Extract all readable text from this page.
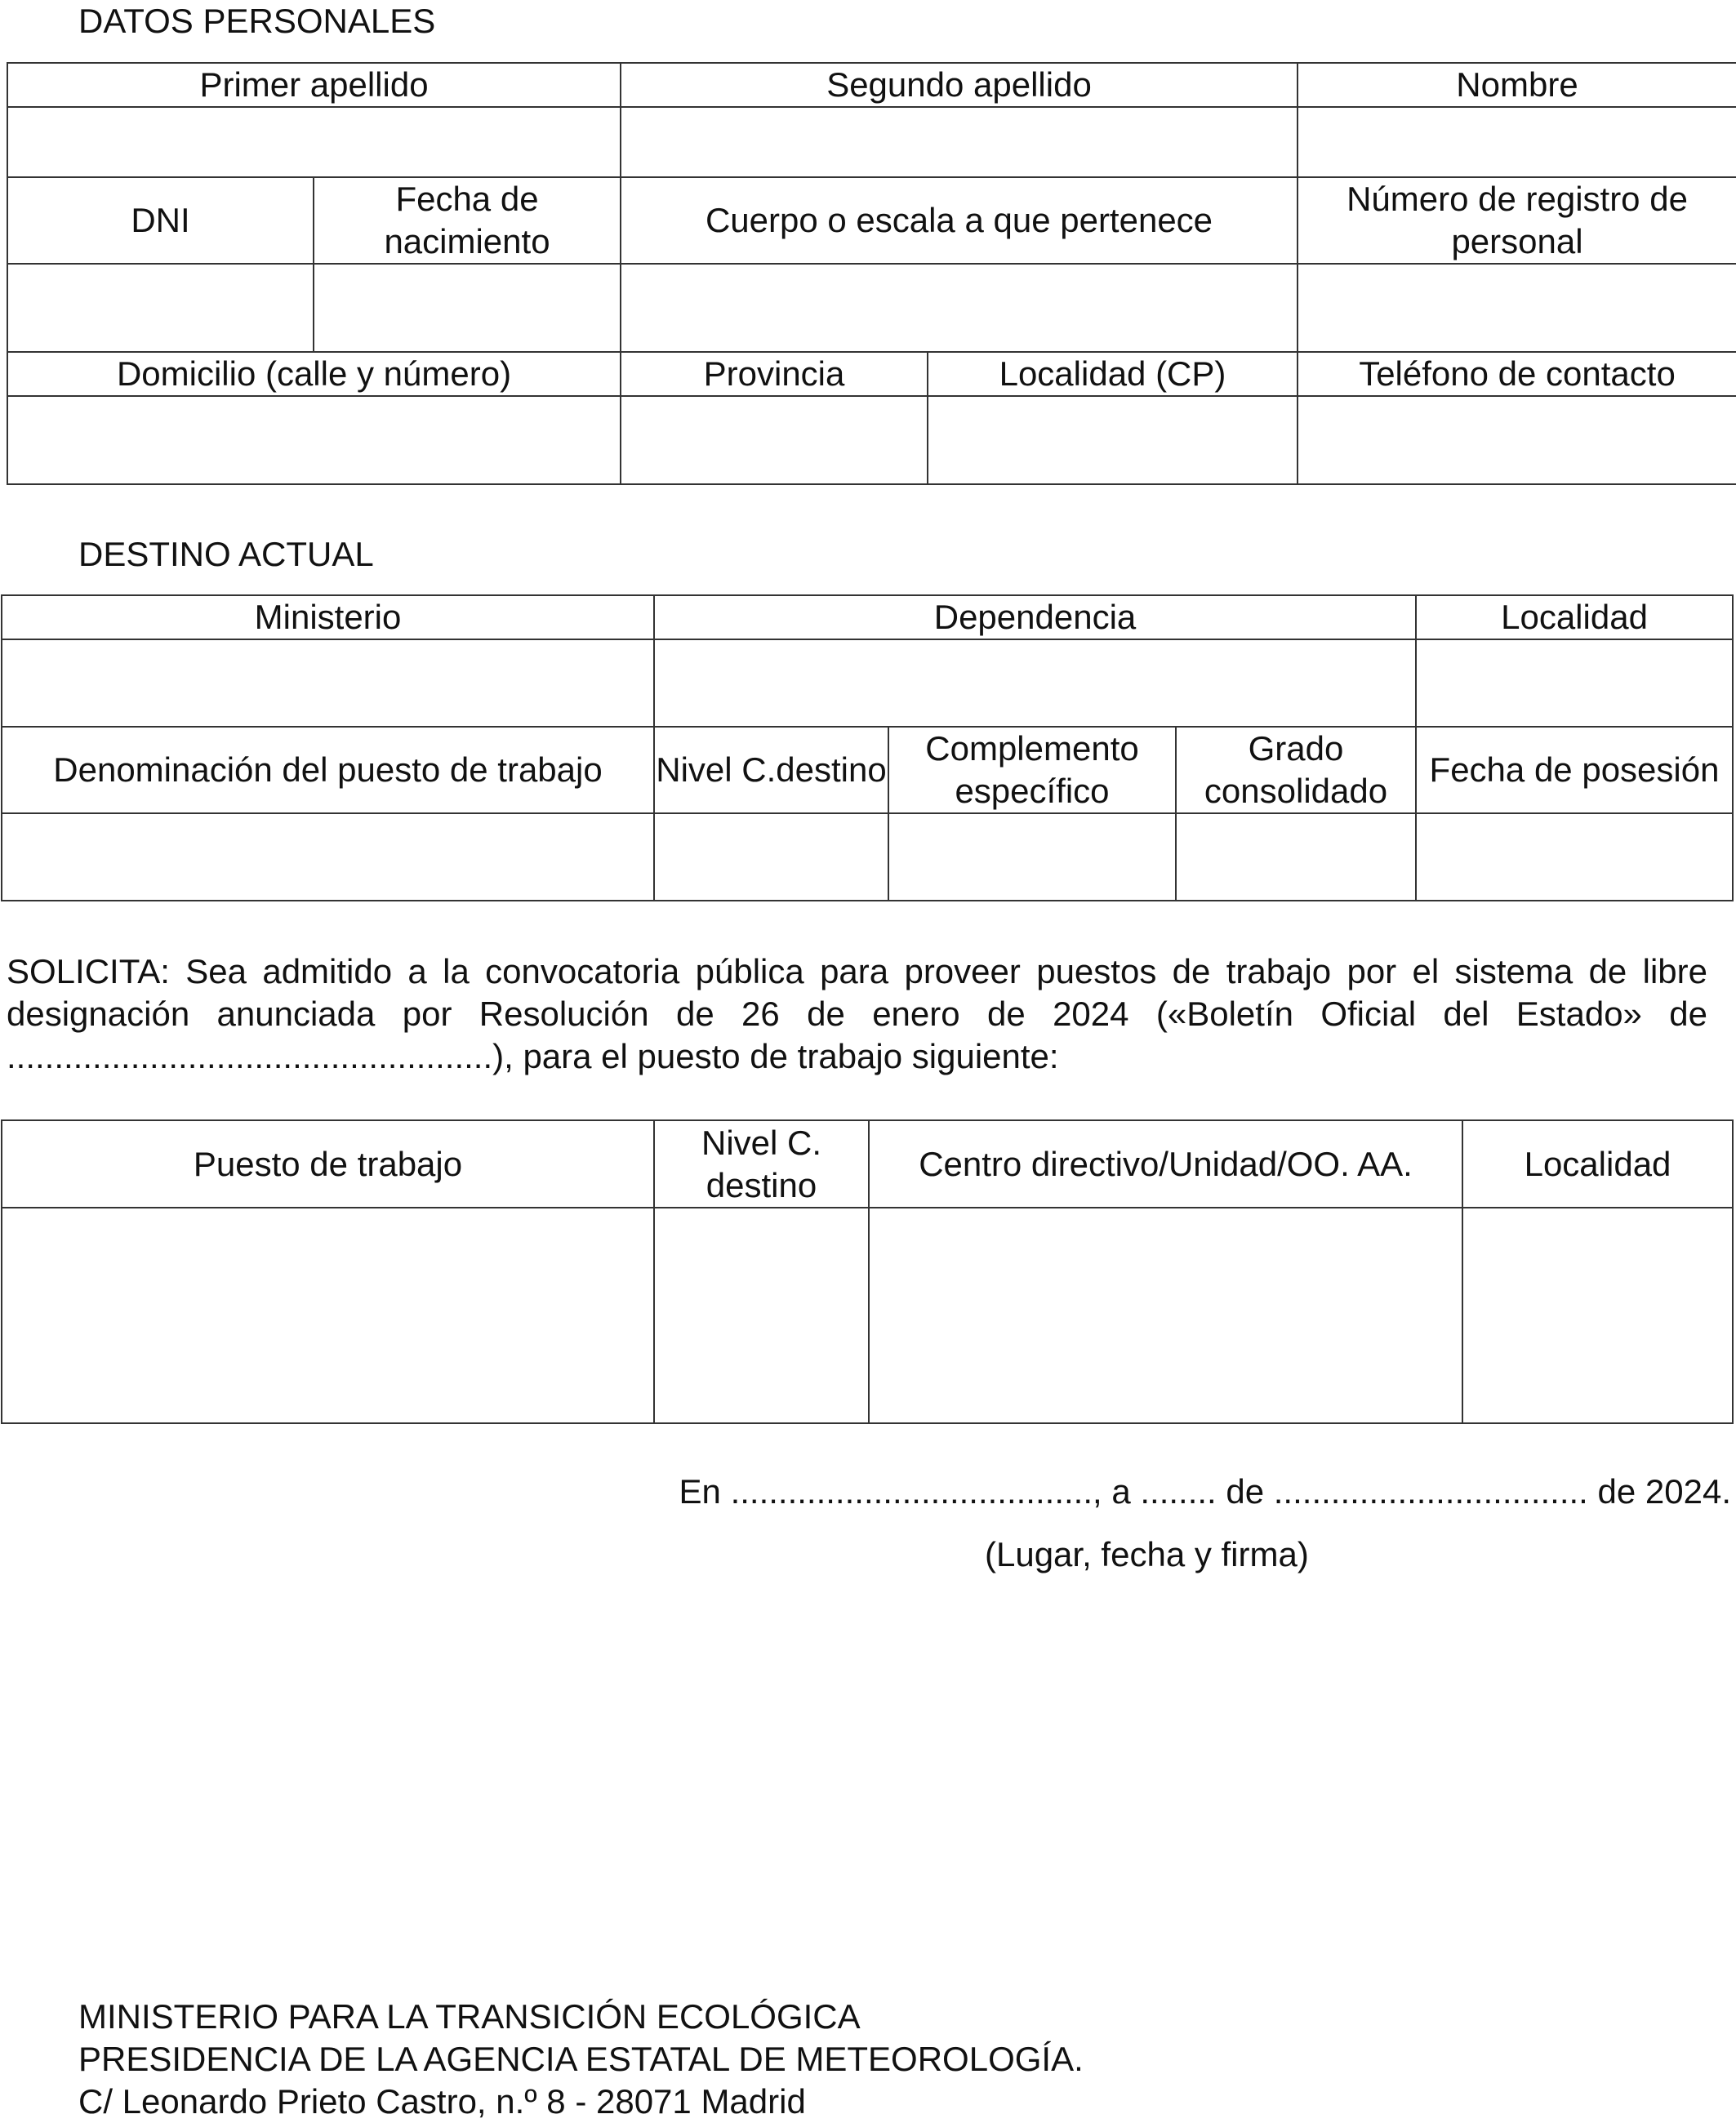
DATOS PERSONALES
Primer apellido		Segundo apellido		Nombre

DNI	Fecha de nacimiento	Cuerpo o escala a que pertenece		Número de registro de personal

Domicilio (calle y número)		Provincia	Localidad (CP)	Teléfono de contacto

DESTINO ACTUAL
Ministerio	Dependencia			Localidad

Denominación del puesto de trabajo	Nivel C.destino	Complemento específico	Grado consolidado	Fecha de posesión

SOLICITA: Sea admitido a la convocatoria pública para proveer puestos de trabajo por el sistema de libre designación anunciada por Resolución de 26 de enero de 2024 («Boletín Oficial del Estado» de ...................................................), para el puesto de trabajo siguiente:
Puesto de trabajo	Nivel C. destino	Centro directivo/Unidad/OO. AA.	Localidad

En ......................................, a ........ de ................................. de 2024.
(Lugar, fecha y firma)
MINISTERIO PARA LA TRANSICIÓN ECOLÓGICA
PRESIDENCIA DE LA AGENCIA ESTATAL DE METEOROLOGÍA.
C/ Leonardo Prieto Castro, n.º 8 - 28071 Madrid
